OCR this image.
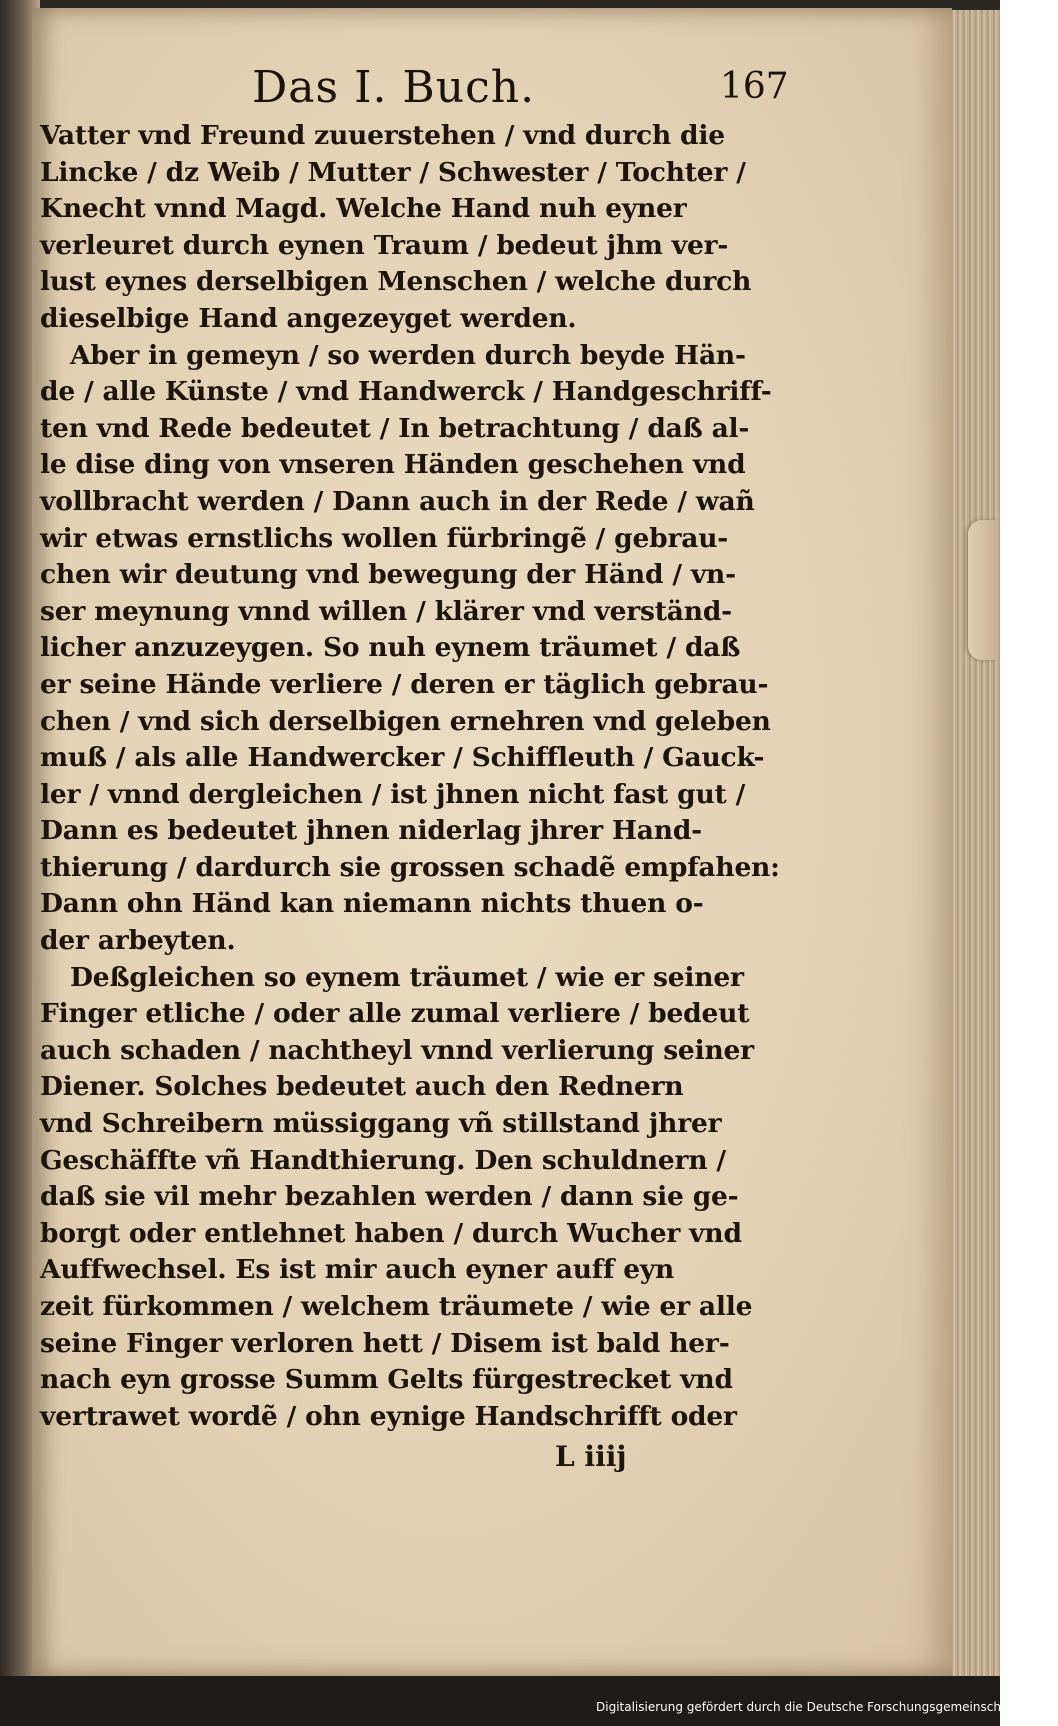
Das I. Buch.	167
Vatter vnd Freund zuuerstehen / vnd durch die
Lincke / dz Weib / Mutter / Schwester / Tochter /
Knecht vnnd Magd. Welche Hand nuh eyner
verleuret durch eynen Traum / bedeut jhm ver-
lust eynes derselbigen Menschen / welche durch
dieselbige Hand angezeyget werden.
Aber in gemeyn / so werden durch beyde Hän-
de / alle Künste / vnd Handwerck / Handgeschriff-
ten vnd Rede bedeutet / In betrachtung / daß al-
le dise ding von vnseren Händen geschehen vnd
vollbracht werden / Dann auch in der Rede / wañ
wir etwas ernstlichs wollen fürbringẽ / gebrau-
chen wir deutung vnd bewegung der Händ / vn-
ser meynung vnnd willen / klärer vnd verständ-
licher anzuzeygen. So nuh eynem träumet / daß
er seine Hände verliere / deren er täglich gebrau-
chen / vnd sich derselbigen ernehren vnd geleben
muß / als alle Handwercker / Schiffleuth / Gauck-
ler / vnnd dergleichen / ist jhnen nicht fast gut /
Dann es bedeutet jhnen niderlag jhrer Hand-
thierung / dardurch sie grossen schadẽ empfahen:
Dann ohn Händ kan niemann nichts thuen o-
der arbeyten.
Deßgleichen so eynem träumet / wie er seiner
Finger etliche / oder alle zumal verliere / bedeut
auch schaden / nachtheyl vnnd verlierung seiner
Diener. Solches bedeutet auch den Rednern
vnd Schreibern müssiggang vñ stillstand jhrer
Geschäffte vñ Handthierung. Den schuldnern /
daß sie vil mehr bezahlen werden / dann sie ge-
borgt oder entlehnet haben / durch Wucher vnd
Auffwechsel. Es ist mir auch eyner auff eyn
zeit fürkommen / welchem träumete / wie er alle
seine Finger verloren hett / Disem ist bald her-
nach eyn grosse Summ Gelts fürgestrecket vnd
vertrawet wordẽ / ohn eynige Handschrifft oder
L iiij
Digitalisierung gefördert durch die Deutsche Forschungsgemeinschaft - DFG
